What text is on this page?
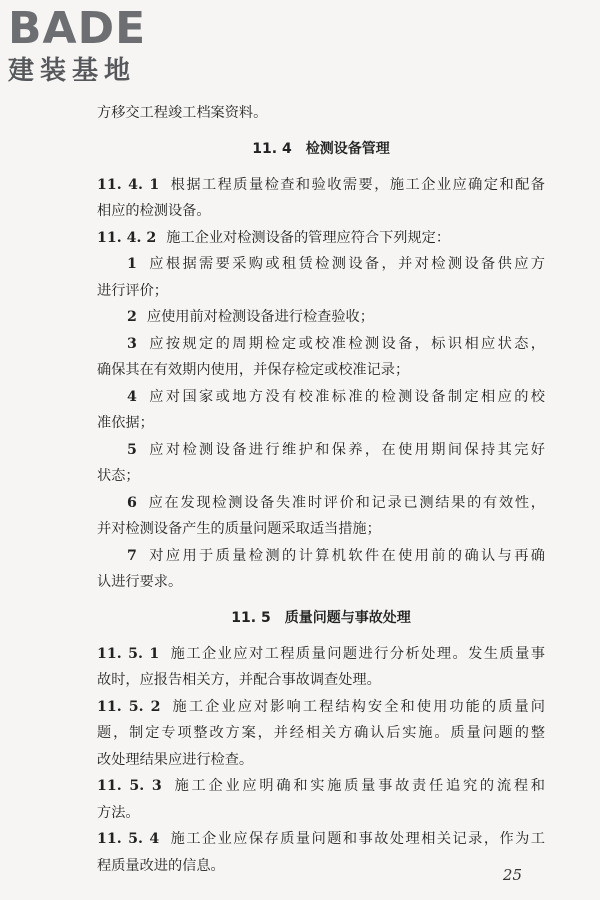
BADE
建装基地
方移交工程竣工档案资料。
11. 4 检测设备管理
11. 4. 1 根据工程质量检查和验收需要，施工企业应确定和配备
相应的检测设备。
11. 4. 2 施工企业对检测设备的管理应符合下列规定：
1 应根据需要采购或租赁检测设备，并对检测设备供应方
进行评价；
2 应使用前对检测设备进行检查验收；
3 应按规定的周期检定或校准检测设备，标识相应状态，
确保其在有效期内使用，并保存检定或校准记录；
4 应对国家或地方没有校准标准的检测设备制定相应的校
准依据；
5 应对检测设备进行维护和保养，在使用期间保持其完好
状态；
6 应在发现检测设备失准时评价和记录已测结果的有效性，
并对检测设备产生的质量问题采取适当措施；
7 对应用于质量检测的计算机软件在使用前的确认与再确
认进行要求。
11. 5 质量问题与事故处理
11. 5. 1 施工企业应对工程质量问题进行分析处理。发生质量事
故时，应报告相关方，并配合事故调查处理。
11. 5. 2 施工企业应对影响工程结构安全和使用功能的质量问
题，制定专项整改方案，并经相关方确认后实施。质量问题的整
改处理结果应进行检查。
11. 5. 3 施工企业应明确和实施质量事故责任追究的流程和
方法。
11. 5. 4 施工企业应保存质量问题和事故处理相关记录，作为工
程质量改进的信息。
25
